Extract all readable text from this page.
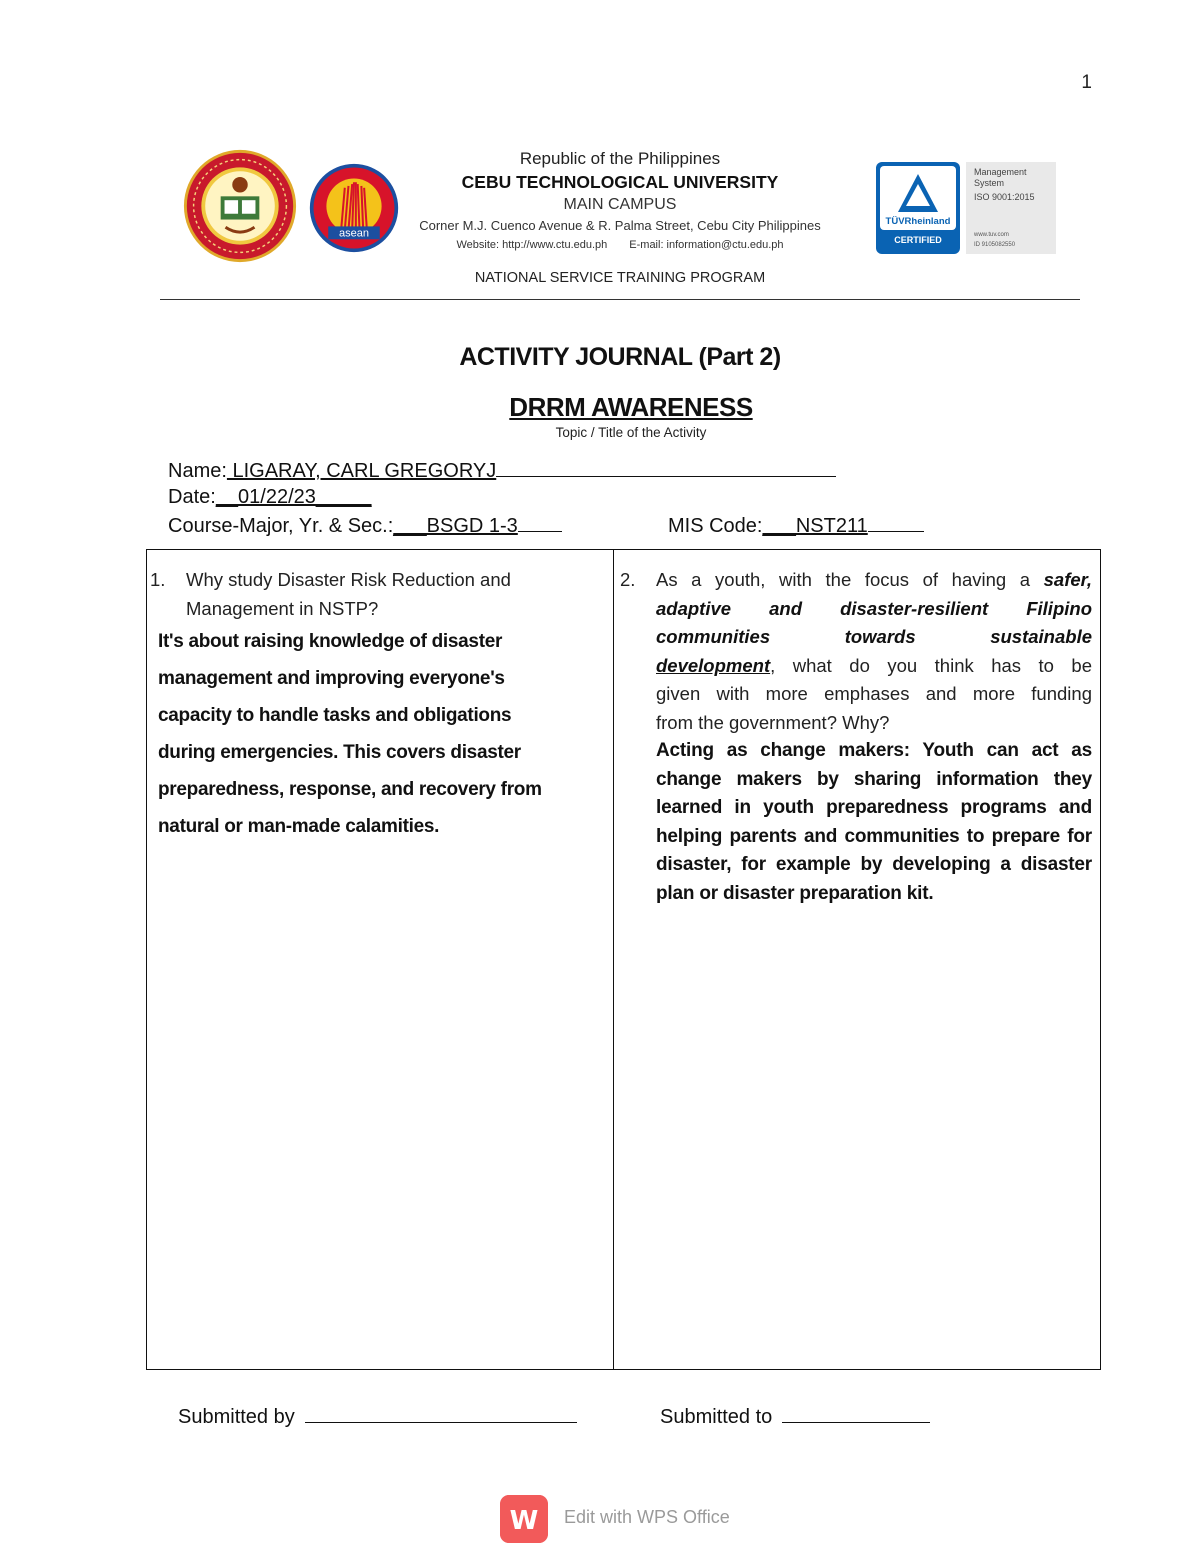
1
asean
Republic of the Philippines
CEBU TECHNOLOGICAL UNIVERSITY
MAIN CAMPUS
Corner M.J. Cuenco Avenue & R. Palma Street, Cebu City Philippines
Website: http://www.ctu.edu.ph E-mail: information@ctu.edu.ph
NATIONAL SERVICE TRAINING PROGRAM
TÜVRheinland
CERTIFIED
Management
System
ISO 9001:2015
www.tuv.com
ID 9105082550
ACTIVITY JOURNAL (Part 2)
DRRM AWARENESS
Topic / Title of the Activity
Name: LIGARAY, CARL GREGORYJ
Date:__01/22/23_____
Course-Major, Yr. & Sec.:___BSGD 1-3	MIS Code:___NST211
1. Why study Disaster Risk Reduction and
Management in NSTP?
It's about raising knowledge of disaster
management and improving everyone's
capacity to handle tasks and obligations
during emergencies. This covers disaster
preparedness, response, and recovery from
natural or man-made calamities.
2. As a youth, with the focus of having a safer,
adaptive and disaster-resilient Filipino
communities towards sustainable
development, what do you think has to be
given with more emphases and more funding
from the government? Why?
Acting as change makers: Youth can act as change makers by sharing information they learned in youth preparedness programs and helping parents and communities to prepare for disaster, for example by developing a disaster plan or disaster preparation kit.
Submitted by	Submitted to
W Edit with WPS Office
